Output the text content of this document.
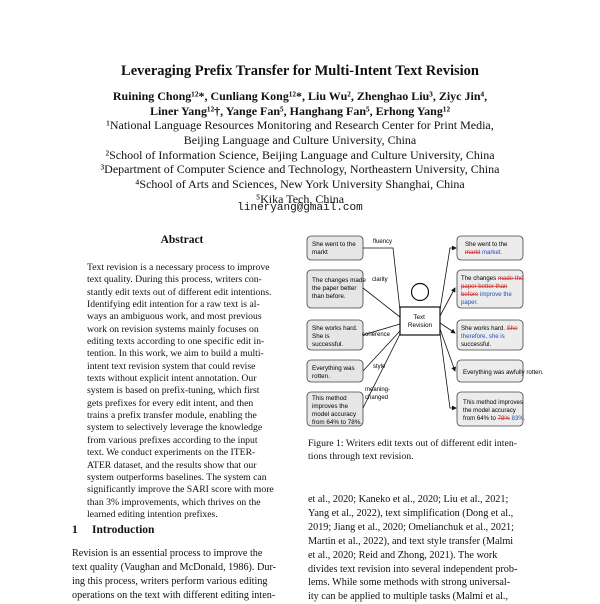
Leveraging Prefix Transfer for Multi-Intent Text Revision
Ruining Chong¹²*, Cunliang Kong¹²*, Liu Wu², Zhenghao Liu³, Ziyc Jin⁴,
Liner Yang¹²†, Yange Fan⁵, Hanghang Fan⁵, Erhong Yang¹²
¹National Language Resources Monitoring and Research Center for Print Media,
Beijing Language and Culture University, China
²School of Information Science, Beijing Language and Culture University, China
³Department of Computer Science and Technology, Northeastern University, China
⁴School of Arts and Sciences, New York University Shanghai, China
⁵Kika Tech, China
lineryang@gmail.com
Abstract
Text revision is a necessary process to improve
text quality. During this process, writers con-
stantly edit texts out of different edit intentions.
Identifying edit intention for a raw text is al-
ways an ambiguous work, and most previous
work on revision systems mainly focuses on
editing texts according to one specific edit in-
tention. In this work, we aim to build a multi-
intent text revision system that could revise
texts without explicit intent annotation. Our
system is based on prefix-tuning, which first
gets prefixes for every edit intent, and then
trains a prefix transfer module, enabling the
system to selectively leverage the knowledge
from various prefixes according to the input
text. We conduct experiments on the ITER-
ATER dataset, and the results show that our
system outperforms baselines. The system can
significantly improve the SARI score with more
than 3% improvements, which thrives on the
learned editing intention prefixes.
1 Introduction
Revision is an essential process to improve the
text quality (Vaughan and McDonald, 1986). Dur-
ing this process, writers perform various editing
operations on the text with different editing inten-
Text Revision
She went to the markt
The changes made the paper better than before.
She works hard. She is successful.
Everything was rotten.
This method improves the model accuracy from 64% to 78%.
fluency
clarity
coherence
style
meaning-changed
She went to the markt market.
The changes made the paper better than before improve the paper.
She works hard. She therefore, she is successful.
Everything was awfully rotten.
This method improves the model accuracy from 64% to 78% 83%.
Figure 1: Writers edit texts out of different edit inten-
tions through text revision.
et al., 2020; Kaneko et al., 2020; Liu et al., 2021;
Yang et al., 2022), text simplification (Dong et al.,
2019; Jiang et al., 2020; Omelianchuk et al., 2021;
Martin et al., 2022), and text style transfer (Malmi
et al., 2020; Reid and Zhong, 2021). The work
divides text revision into several independent prob-
lems. While some methods with strong universal-
ity can be applied to multiple tasks (Malmi et al.,
